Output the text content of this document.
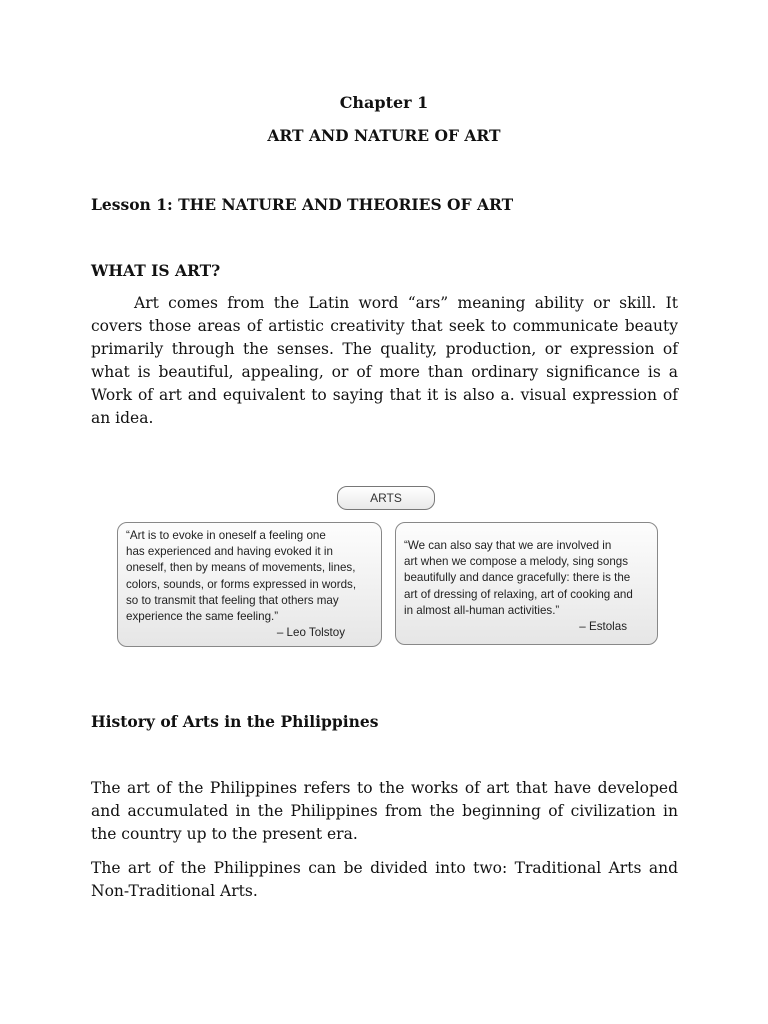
Chapter 1
ART AND NATURE OF ART
Lesson 1: THE NATURE AND THEORIES OF ART
WHAT IS ART?

Art comes from the Latin word “ars” meaning ability or skill. It covers those areas of artistic creativity that seek to communicate beauty primarily through the senses. The quality, production, or expression of what is beautiful, appealing, or of more than ordinary significance is a Work of art and equivalent to saying that it is also a. visual expression of an idea.

ARTS
“Art is to evoke in oneself a feeling one
has experienced and having evoked it in
oneself, then by means of movements, lines,
colors, sounds, or forms expressed in words,
so to transmit that feeling that others may
experience the same feeling.”
– Leo Tolstoy
“We can also say that we are involved in
art when we compose a melody, sing songs
beautifully and dance gracefully: there is the
art of dressing of relaxing, art of cooking and
in almost all-human activities.”
– Estolas
History of Arts in the Philippines

The art of the Philippines refers to the works of art that have developed and accumulated in the Philippines from the beginning of civilization in the country up to the present era.

The art of the Philippines can be divided into two: Traditional Arts and Non-Traditional Arts.
